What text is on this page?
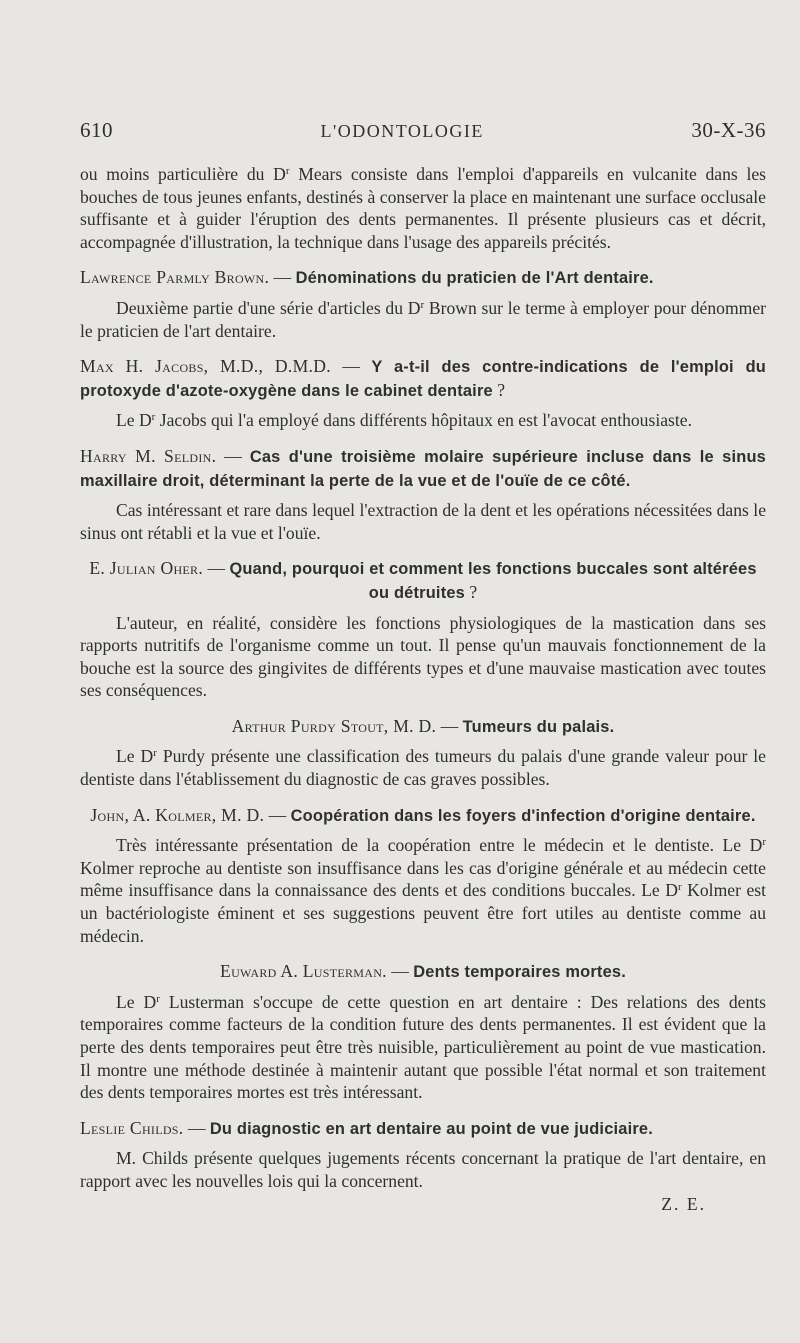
610	L'ODONTOLOGIE	30-X-36

ou moins particulière du $D^r$ Mears consiste dans l'emploi d'appareils en vulcanite dans les bouches de tous jeunes enfants, destinés à conserver la place en maintenant une surface occlusale suffisante et à guider l'éruption des dents permanentes. Il présente plusieurs cas et décrit, accompagnée d'illustration, la technique dans l'usage des appareils précités.

Lawrence Parmly Brown. — Dénominations du praticien de l'Art dentaire.

Deuxième partie d'une série d'articles du $D^r$ Brown sur le terme à employer pour dénommer le praticien de l'art dentaire.

Max H. Jacobs, M.D., D.M.D. — Y a-t-il des contre-indications de l'emploi du protoxyde d'azote-oxygène dans le cabinet dentaire ?

Le $D^r$ Jacobs qui l'a employé dans différents hôpitaux en est l'avocat enthousiaste.

Harry M. Seldin. — Cas d'une troisième molaire supérieure incluse dans le sinus maxillaire droit, déterminant la perte de la vue et de l'ouïe de ce côté.

Cas intéressant et rare dans lequel l'extraction de la dent et les opérations nécessitées dans le sinus ont rétabli et la vue et l'ouïe.

E. Julian Oher. — Quand, pourquoi et comment les fonctions buccales sont altérées ou détruites ?

L'auteur, en réalité, considère les fonctions physiologiques de la mastication dans ses rapports nutritifs de l'organisme comme un tout. Il pense qu'un mauvais fonctionnement de la bouche est la source des gingivites de différents types et d'une mauvaise mastication avec toutes ses conséquences.

Arthur Purdy Stout, M. D. — Tumeurs du palais.

Le $D^r$ Purdy présente une classification des tumeurs du palais d'une grande valeur pour le dentiste dans l'établissement du diagnostic de cas graves possibles.

John, A. Kolmer, M. D. — Coopération dans les foyers d'infection d'origine dentaire.

Très intéressante présentation de la coopération entre le médecin et le dentiste. Le $D^r$ Kolmer reproche au dentiste son insuffisance dans les cas d'origine générale et au médecin cette même insuffisance dans la connaissance des dents et des conditions buccales. Le $D^r$ Kolmer est un bactériologiste éminent et ses suggestions peuvent être fort utiles au dentiste comme au médecin.

Euward A. Lusterman. — Dents temporaires mortes.

Le $D^r$ Lusterman s'occupe de cette question en art dentaire : Des relations des dents temporaires comme facteurs de la condition future des dents permanentes. Il est évident que la perte des dents temporaires peut être très nuisible, particulièrement au point de vue mastication. Il montre une méthode destinée à maintenir autant que possible l'état normal et son traitement des dents temporaires mortes est très intéressant.

Leslie Childs. — Du diagnostic en art dentaire au point de vue judiciaire.

M. Childs présente quelques jugements récents concernant la pratique de l'art dentaire, en rapport avec les nouvelles lois qui la concernent.

Z. E.
